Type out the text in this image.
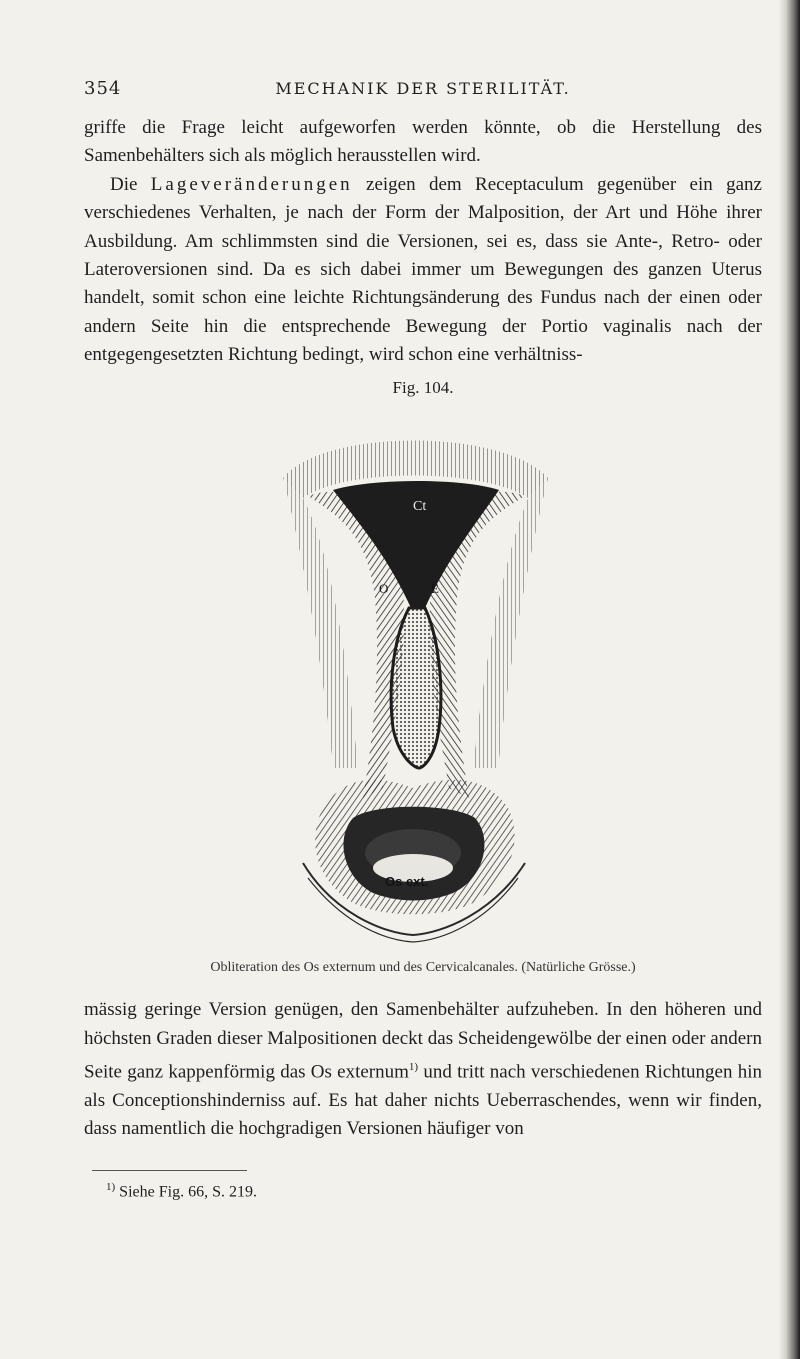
354	MECHANIK DER STERILITÄT.

griffe die Frage leicht aufgeworfen werden könnte, ob die Herstellung des Samenbehälters sich als möglich herausstellen wird.

Die Lageveränderungen zeigen dem Receptaculum gegenüber ein ganz verschiedenes Verhalten, je nach der Form der Malposition, der Art und Höhe ihrer Ausbildung. Am schlimmsten sind die Versionen, sei es, dass sie Ante-, Retro- oder Lateroversionen sind. Da es sich dabei immer um Bewegungen des ganzen Uterus handelt, somit schon eine leichte Richtungsänderung des Fundus nach der einen oder andern Seite hin die entsprechende Bewegung der Portio vaginalis nach der entgegengesetzten Richtung bedingt, wird schon eine verhältniss-

Fig. 104.
Ct
O	E
Os ext.
Obliteration des Os externum und des Cervicalcanales. (Natürliche Grösse.)

mässig geringe Version genügen, den Samenbehälter aufzuheben. In den höheren und höchsten Graden dieser Malpositionen deckt das Scheidengewölbe der einen oder andern Seite ganz kappenförmig das Os externum$^{1)}$ und tritt nach verschiedenen Richtungen hin als Conceptionshinderniss auf. Es hat daher nichts Ueberraschendes, wenn wir finden, dass namentlich die hochgradigen Versionen häufiger von

$^{1)}$ Siehe Fig. 66, S. 219.
